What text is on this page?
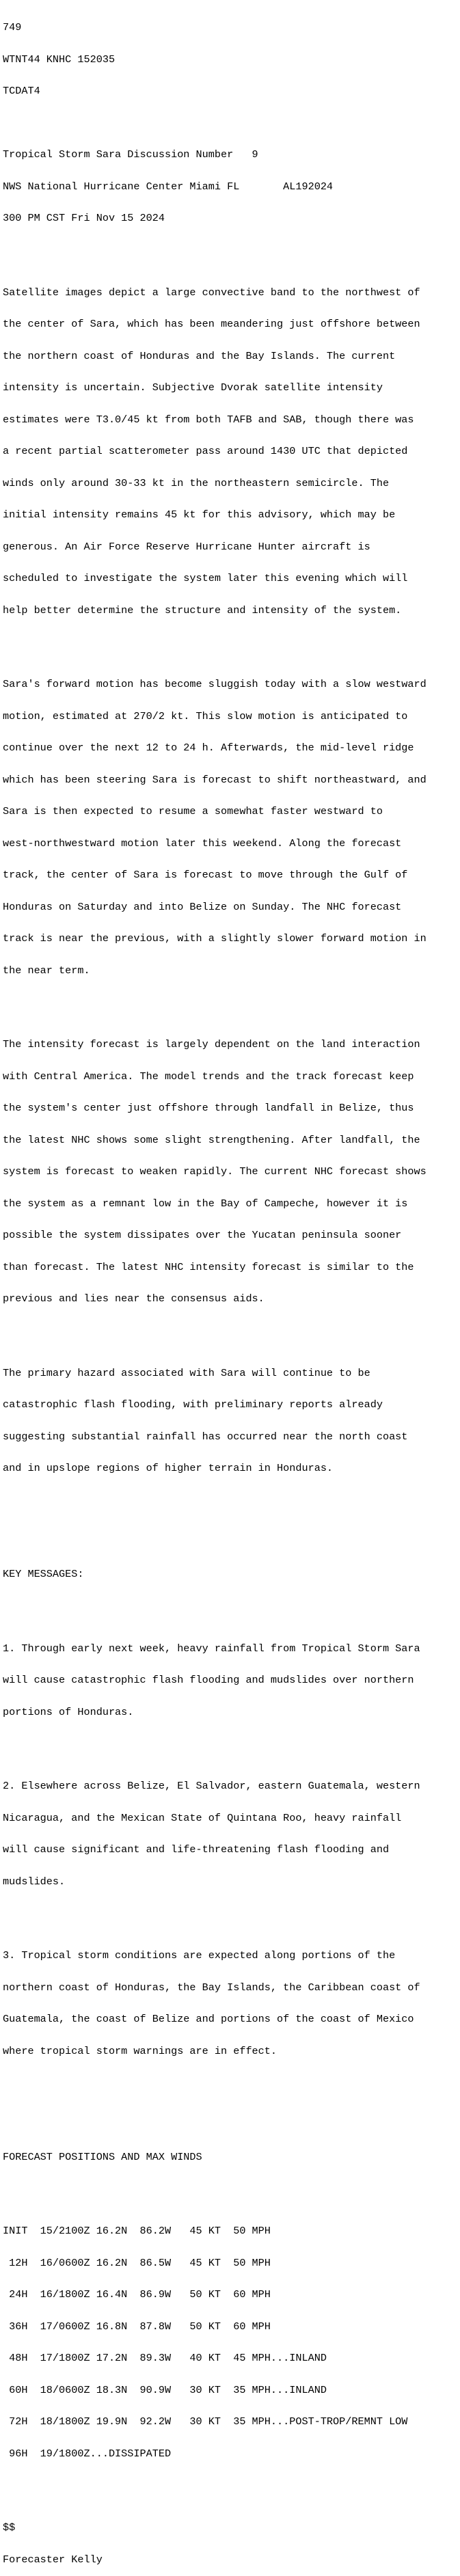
749

WTNT44 KNHC 152035

TCDAT4

Tropical Storm Sara Discussion Number   9

NWS National Hurricane Center Miami FL       AL192024

300 PM CST Fri Nov 15 2024

Satellite images depict a large convective band to the northwest of

the center of Sara, which has been meandering just offshore between

the northern coast of Honduras and the Bay Islands. The current

intensity is uncertain. Subjective Dvorak satellite intensity

estimates were T3.0/45 kt from both TAFB and SAB, though there was

a recent partial scatterometer pass around 1430 UTC that depicted

winds only around 30-33 kt in the northeastern semicircle. The

initial intensity remains 45 kt for this advisory, which may be

generous. An Air Force Reserve Hurricane Hunter aircraft is

scheduled to investigate the system later this evening which will

help better determine the structure and intensity of the system.

Sara's forward motion has become sluggish today with a slow westward

motion, estimated at 270/2 kt. This slow motion is anticipated to

continue over the next 12 to 24 h. Afterwards, the mid-level ridge

which has been steering Sara is forecast to shift northeastward, and

Sara is then expected to resume a somewhat faster westward to

west-northwestward motion later this weekend. Along the forecast

track, the center of Sara is forecast to move through the Gulf of

Honduras on Saturday and into Belize on Sunday. The NHC forecast

track is near the previous, with a slightly slower forward motion in

the near term.

The intensity forecast is largely dependent on the land interaction

with Central America. The model trends and the track forecast keep

the system's center just offshore through landfall in Belize, thus

the latest NHC shows some slight strengthening. After landfall, the

system is forecast to weaken rapidly. The current NHC forecast shows

the system as a remnant low in the Bay of Campeche, however it is

possible the system dissipates over the Yucatan peninsula sooner

than forecast. The latest NHC intensity forecast is similar to the

previous and lies near the consensus aids.

The primary hazard associated with Sara will continue to be

catastrophic flash flooding, with preliminary reports already

suggesting substantial rainfall has occurred near the north coast

and in upslope regions of higher terrain in Honduras.

KEY MESSAGES:

1. Through early next week, heavy rainfall from Tropical Storm Sara

will cause catastrophic flash flooding and mudslides over northern

portions of Honduras.

2. Elsewhere across Belize, El Salvador, eastern Guatemala, western

Nicaragua, and the Mexican State of Quintana Roo, heavy rainfall

will cause significant and life-threatening flash flooding and

mudslides.

3. Tropical storm conditions are expected along portions of the

northern coast of Honduras, the Bay Islands, the Caribbean coast of

Guatemala, the coast of Belize and portions of the coast of Mexico

where tropical storm warnings are in effect.

FORECAST POSITIONS AND MAX WINDS

INIT  15/2100Z 16.2N  86.2W   45 KT  50 MPH

12H  16/0600Z 16.2N  86.5W   45 KT  50 MPH

24H  16/1800Z 16.4N  86.9W   50 KT  60 MPH

36H  17/0600Z 16.8N  87.8W   50 KT  60 MPH

48H  17/1800Z 17.2N  89.3W   40 KT  45 MPH...INLAND

60H  18/0600Z 18.3N  90.9W   30 KT  35 MPH...INLAND

72H  18/1800Z 19.9N  92.2W   30 KT  35 MPH...POST-TROP/REMNT LOW

96H  19/1800Z...DISSIPATED

$$

Forecaster Kelly
